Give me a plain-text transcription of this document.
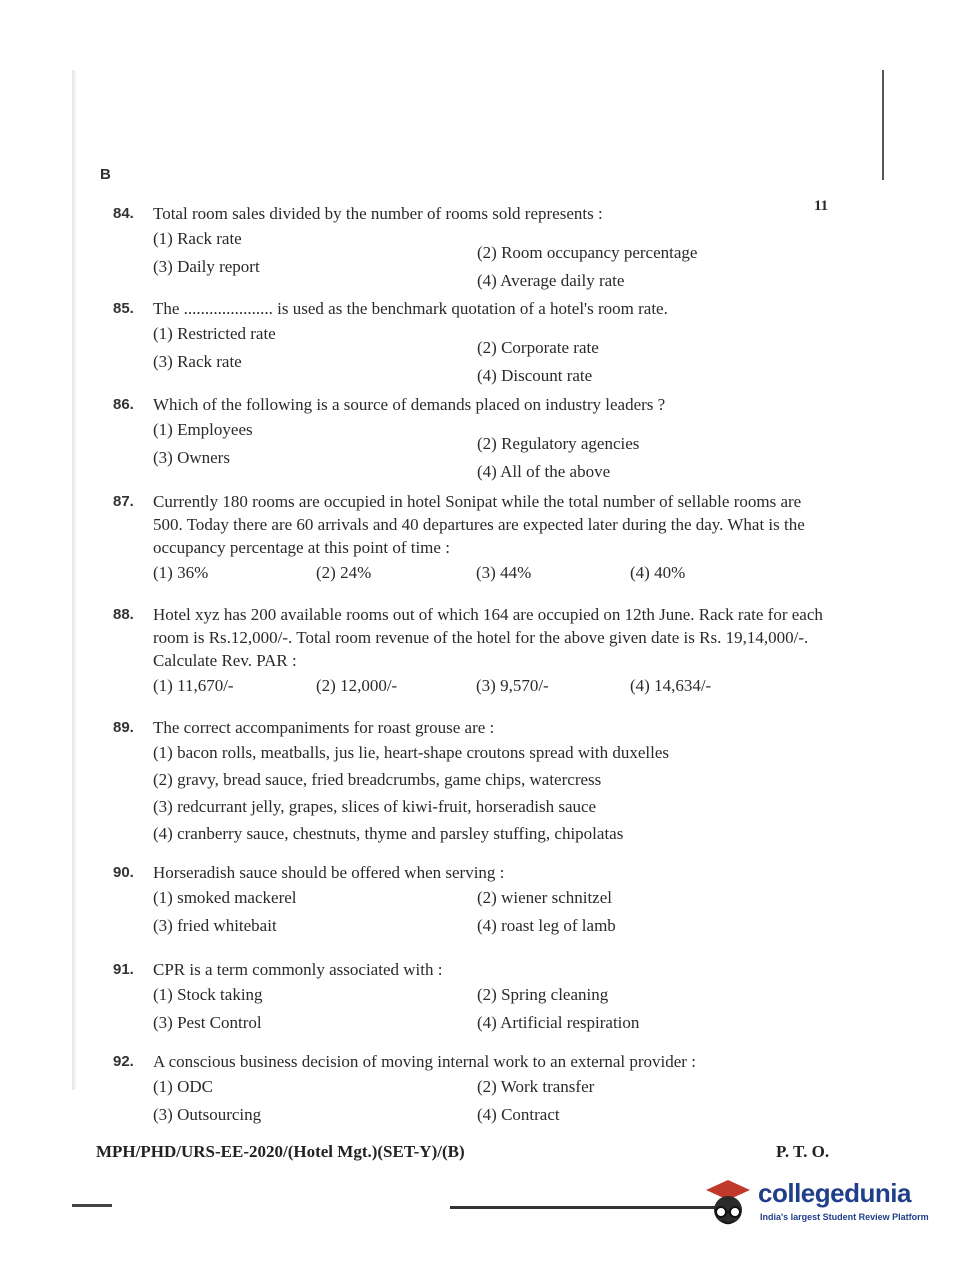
B
11
84. Total room sales divided by the number of rooms sold represents :
(1) Rack rate
(2) Room occupancy percentage
(3) Daily report
(4) Average daily rate
85. The ..................... is used as the benchmark quotation of a hotel's room rate.
(1) Restricted rate
(2) Corporate rate
(3) Rack rate
(4) Discount rate
86. Which of the following is a source of demands placed on industry leaders ?
(1) Employees
(2) Regulatory agencies
(3) Owners
(4) All of the above
87. Currently 180 rooms are occupied in hotel Sonipat while the total number of sellable rooms are 500. Today there are 60 arrivals and 40 departures are expected later during the day. What is the occupancy percentage at this point of time :
(1) 36%	(2) 24%	(3) 44%	(4) 40%
88. Hotel xyz has 200 available rooms out of which 164 are occupied on 12th June. Rack rate for each room is Rs.12,000/-. Total room revenue of the hotel for the above given date is Rs. 19,14,000/-. Calculate Rev. PAR :
(1) 11,670/-	(2) 12,000/-	(3) 9,570/-	(4) 14,634/-
89. The correct accompaniments for roast grouse are :
(1) bacon rolls, meatballs, jus lie, heart-shape croutons spread with duxelles
(2) gravy, bread sauce, fried breadcrumbs, game chips, watercress
(3) redcurrant jelly, grapes, slices of kiwi-fruit, horseradish sauce
(4) cranberry sauce, chestnuts, thyme and parsley stuffing, chipolatas
90. Horseradish sauce should be offered when serving :
(1) smoked mackerel	(2) wiener schnitzel
(3) fried whitebait	(4) roast leg of lamb
91. CPR is a term commonly associated with :
(1) Stock taking	(2) Spring cleaning
(3) Pest Control	(4) Artificial respiration
92. A conscious business decision of moving internal work to an external provider :
(1) ODC	(2) Work transfer
(3) Outsourcing	(4) Contract
MPH/PHD/URS-EE-2020/(Hotel Mgt.)(SET-Y)/(B)	P. T. O.
collegedunia
India's largest Student Review Platform
